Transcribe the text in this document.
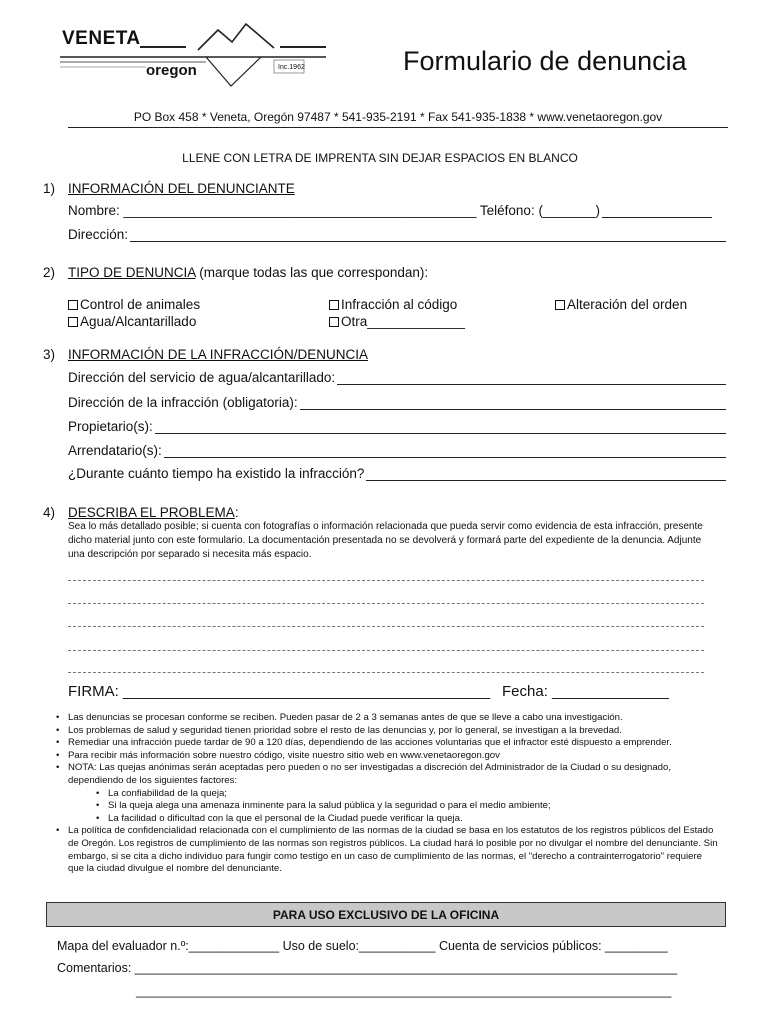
VENETA
oregon	Inc.1962	Formulario de denuncia
PO Box 458 * Veneta, Oregón 97487 * 541-935-2191 * Fax 541-935-1838 * www.venetaoregon.gov
LLENE CON LETRA DE IMPRENTA SIN DEJAR ESPACIOS EN BLANCO
1) INFORMACIÓN DEL DENUNCIANTE
Nombre: _______________________________________________ Teléfono: (_______)
Dirección:
2) TIPO DE DENUNCIA (marque todas las que correspondan):
Control de animales
Agua/Alcantarillado
Infracción al código
Otra_____________
Alteración del orden
3) INFORMACIÓN DE LA INFRACCIÓN/DENUNCIA
Dirección del servicio de agua/alcantarillado:
Dirección de la infracción (obligatoria):
Propietario(s):
Arrendatario(s):
¿Durante cuánto tiempo ha existido la infracción?
4) DESCRIBA EL PROBLEMA:
Sea lo más detallado posible; si cuenta con fotografías o información relacionada que pueda servir como evidencia de esta infracción, presente dicho material junto con este formulario. La documentación presentada no se devolverá y formará parte del expediente de la denuncia. Adjunte una descripción por separado si necesita más espacio.
FIRMA: ____________________________________________ Fecha: ______________
• Las denuncias se procesan conforme se reciben. Pueden pasar de 2 a 3 semanas antes de que se lleve a cabo una investigación.
• Los problemas de salud y seguridad tienen prioridad sobre el resto de las denuncias y, por lo general, se investigan a la brevedad.
• Remediar una infracción puede tardar de 90 a 120 días, dependiendo de las acciones voluntarias que el infractor esté dispuesto a emprender.
• Para recibir más información sobre nuestro código, visite nuestro sitio web en www.venetaoregon.gov
• NOTA: Las quejas anónimas serán aceptadas pero pueden o no ser investigadas a discreción del Administrador de la Ciudad o su designado, dependiendo de los siguientes factores:
• La confiabilidad de la queja;
• Si la queja alega una amenaza inminente para la salud pública y la seguridad o para el medio ambiente;
• La facilidad o dificultad con la que el personal de la Ciudad puede verificar la queja.
• La política de confidencialidad relacionada con el cumplimiento de las normas de la ciudad se basa en los estatutos de los registros públicos del Estado de Oregón. Los registros de cumplimiento de las normas son registros públicos. La ciudad hará lo posible por no divulgar el nombre del denunciante. Sin embargo, si se cita a dicho individuo para fungir como testigo en un caso de cumplimiento de las normas, el "derecho a contrainterrogatorio" requiere que la ciudad divulgue el nombre del denunciante.
PARA USO EXCLUSIVO DE LA OFICINA
Mapa del evaluador n.º:_____________ Uso de suelo:___________ Cuenta de servicios públicos: _________
Comentarios: ______________________________________________________________________________
_____________________________________________________________________________
